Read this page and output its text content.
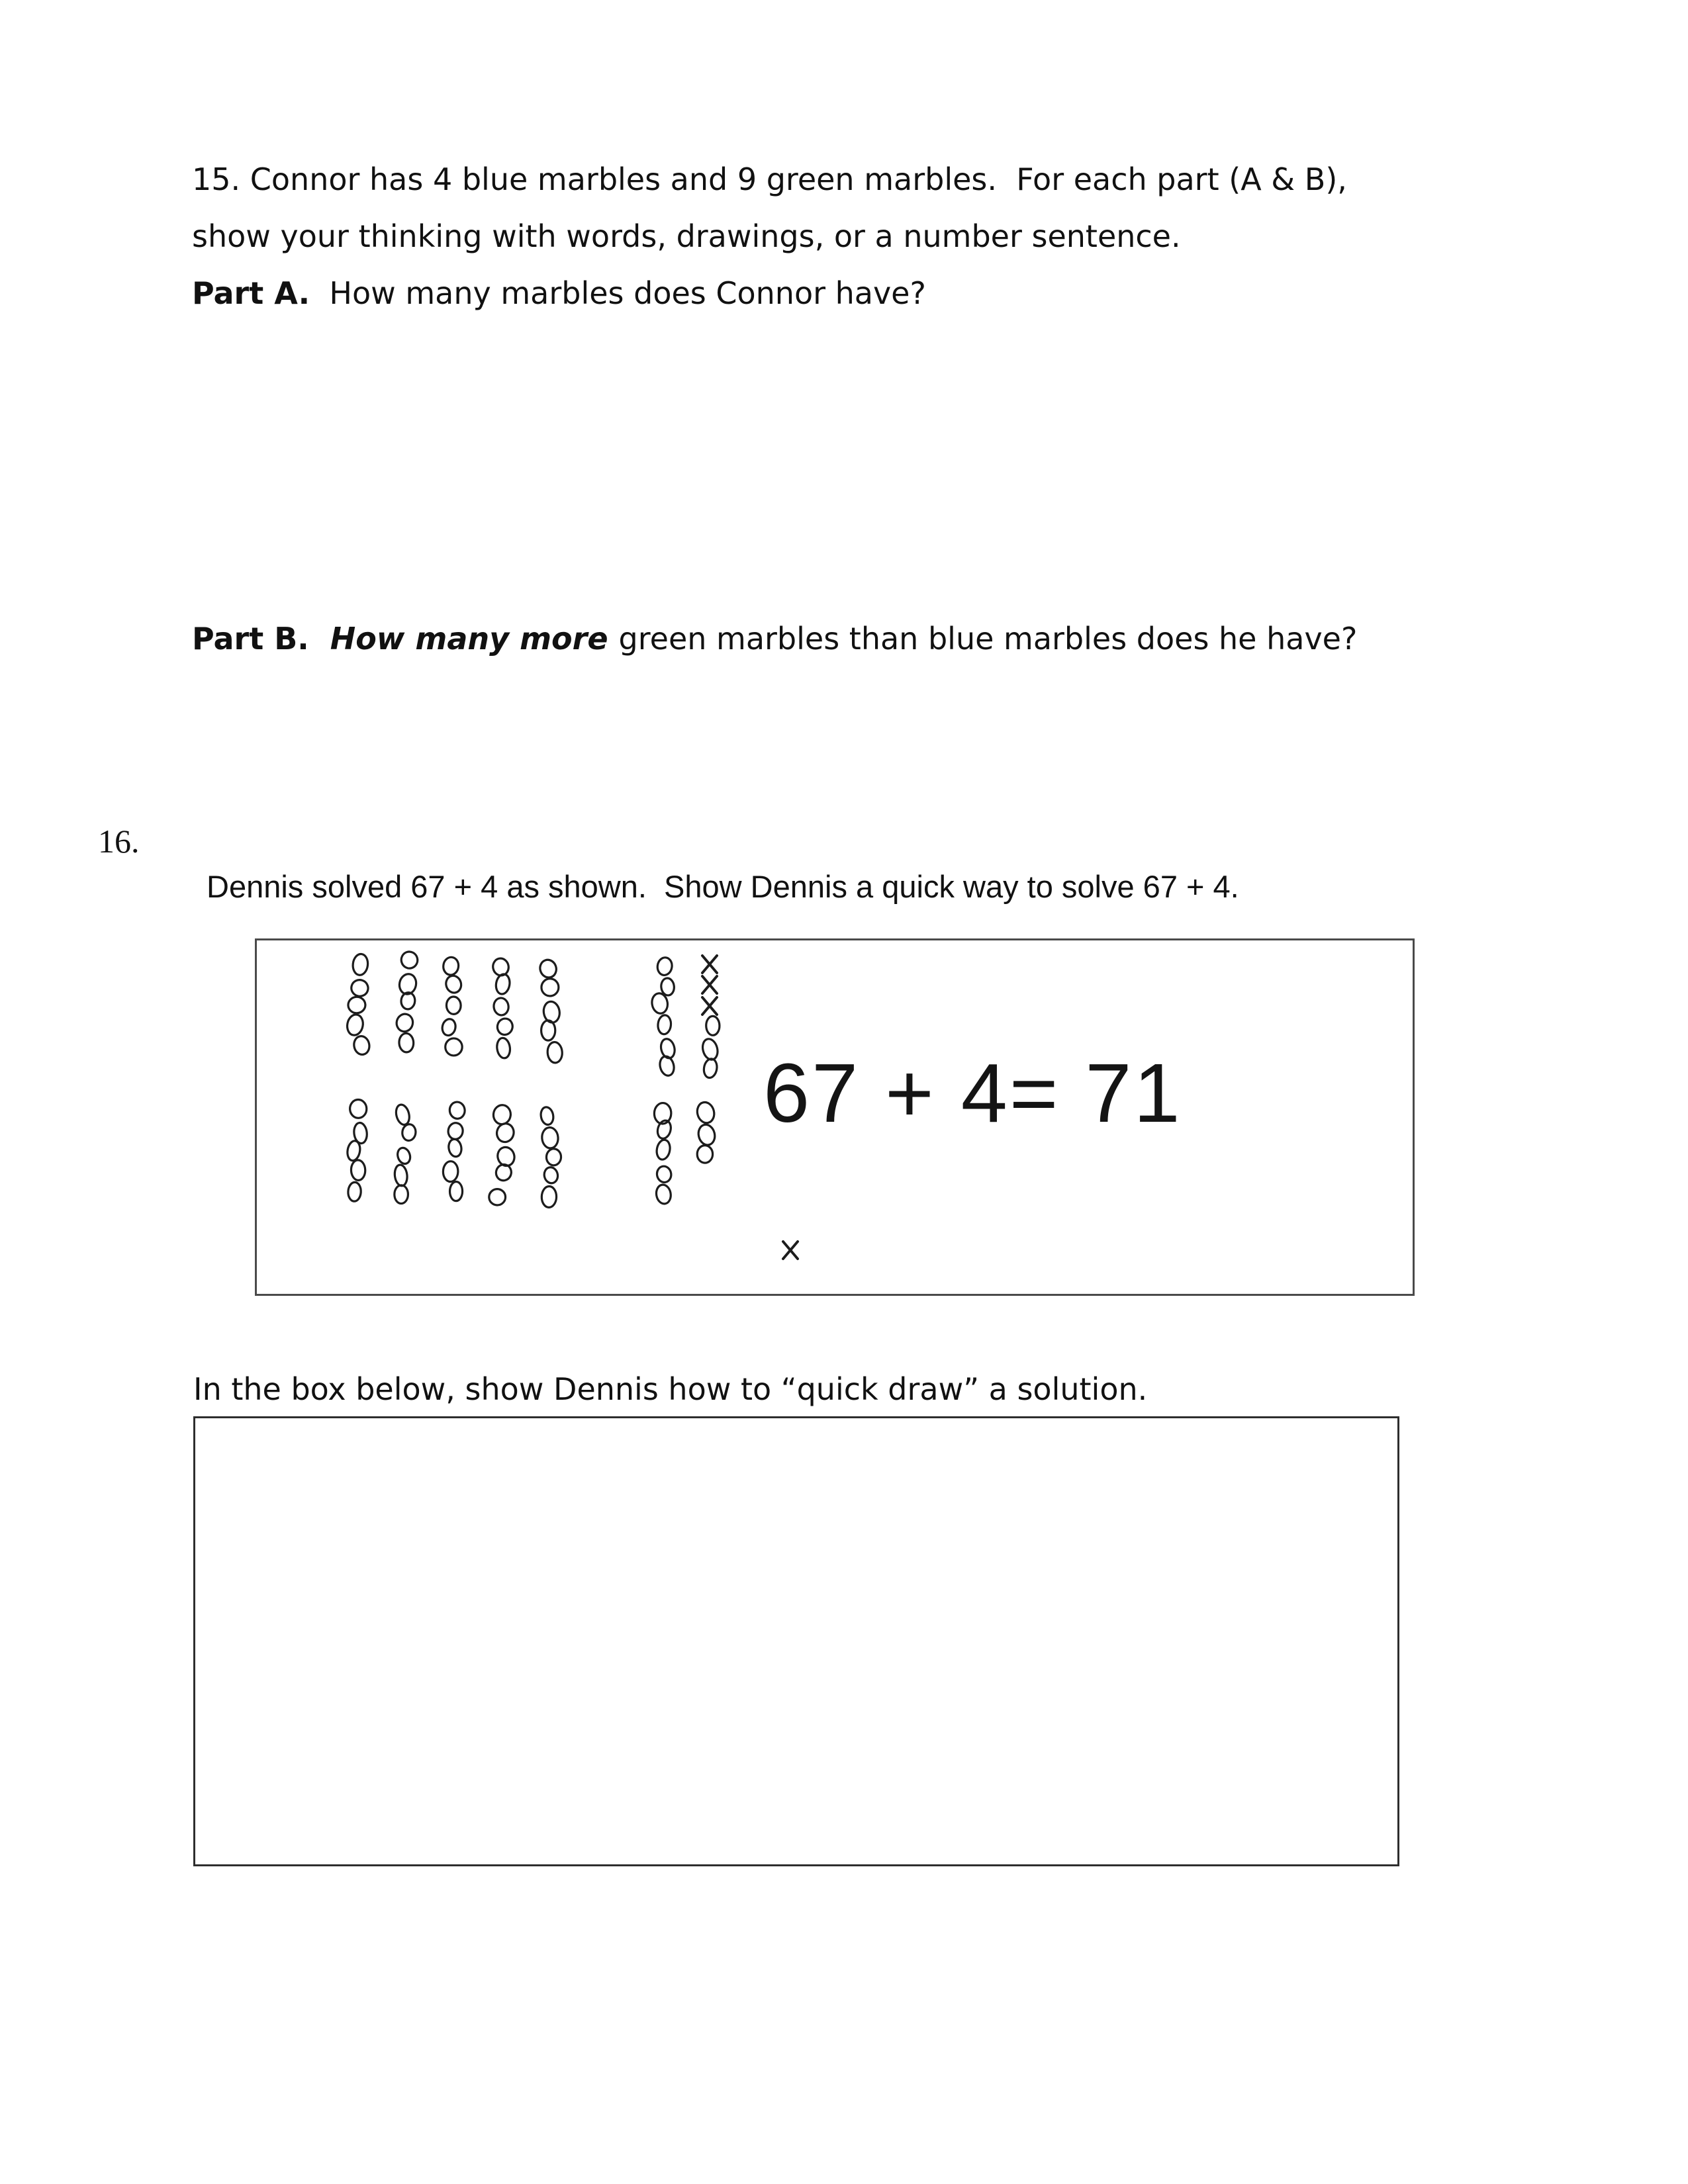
15. Connor has 4 blue marbles and 9 green marbles.  For each part (A & B),
show your thinking with words, drawings, or a number sentence.
Part A.  How many marbles does Connor have?
Part B.  How many more green marbles than blue marbles does he have?
16.
Dennis solved 67 + 4 as shown.  Show Dennis a quick way to solve 67 + 4.
67 + 4= 71
In the box below, show Dennis how to “quick draw” a solution.
